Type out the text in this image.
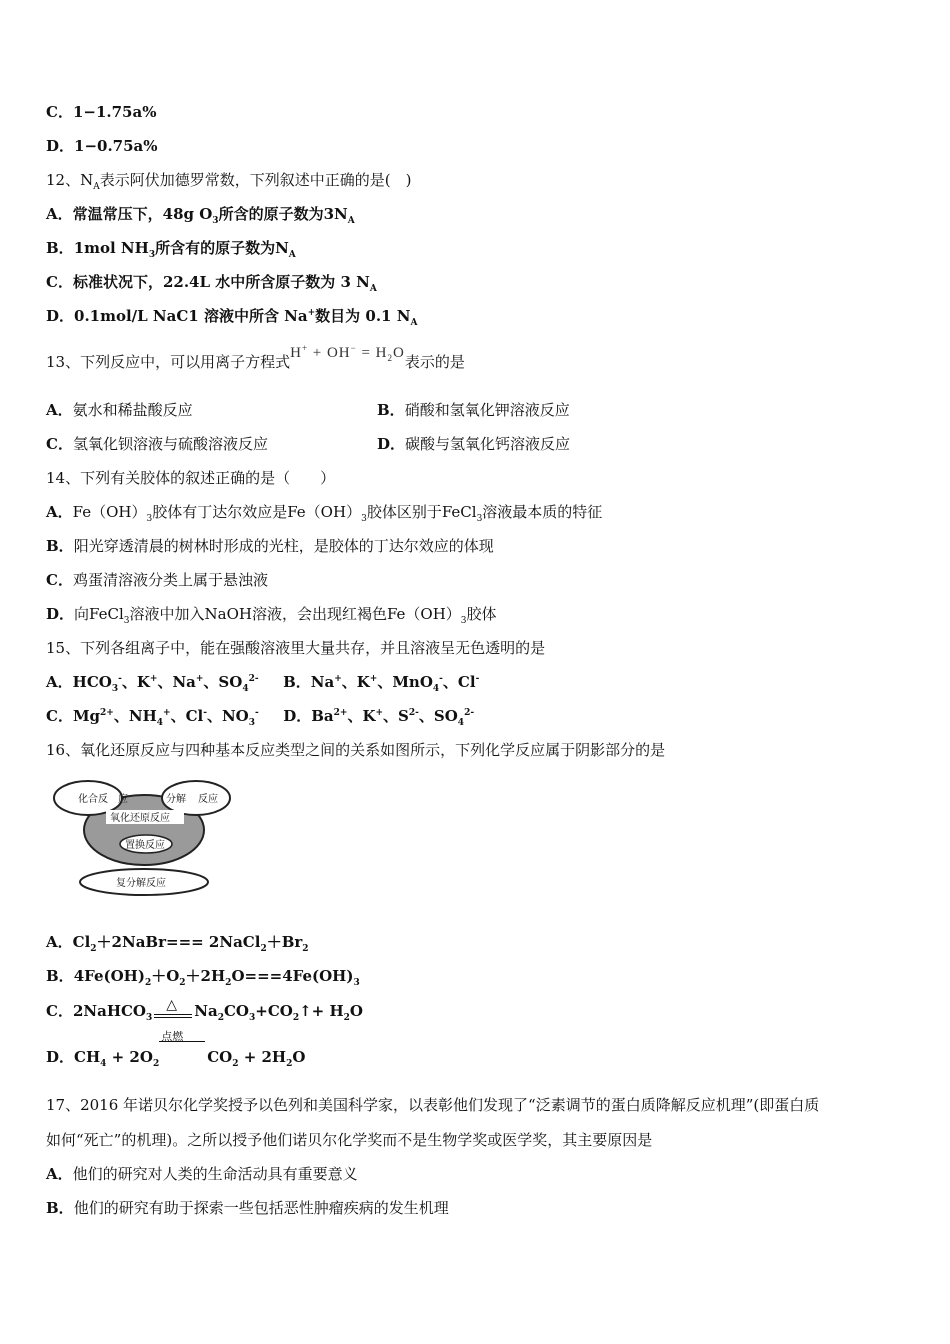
C．1−1.75a%
D．1−0.75a%
12、$N_A$表示阿伏加德罗常数，下列叙述中正确的是(　)
A．常温常压下，48g $O_3$所含的原子数为$3N_A$
B．1mol $NH_3$所含有的原子数为$N_A$
C．标准状况下，22.4L 水中所含原子数为 3 $N_A$
D．0.1mol/L NaC1 溶液中所含 Na+数目为 0.1 $N_A$
13、下列反应中，可以用离子方程式$H^+ + OH^- = H_2O$表示的是
A．氨水和稀盐酸反应	B．硝酸和氢氧化钾溶液反应
C．氢氧化钡溶液与硫酸溶液反应	D．碳酸与氢氧化钙溶液反应
14、下列有关胶体的叙述正确的是（　　）
A．$Fe(OH)_3$胶体有丁达尔效应是$Fe(OH)_3$胶体区别于FeCl$_3$溶液最本质的特征
B．阳光穿透清晨的树林时形成的光柱，是胶体的丁达尔效应的体现
C．鸡蛋清溶液分类上属于悬浊液
D．向FeCl$_3$溶液中加入NaOH溶液，会出现红褐色$Fe(OH)_3$胶体
15、下列各组离子中，能在强酸溶液里大量共存，并且溶液呈无色透明的是
A．$HCO_3^-$、K+、Na+、$SO_4^{2-}$ B．Na+、K+、MnO$_4$-、Cl-
C．$Mg^{2+}$、$NH_4^+$、Cl-、$NO_3^-$ D．$Ba^{2+}$、K+、$S^{2-}$、$SO_4^{2-}$
16、氧化还原反应与四种基本反应类型之间的关系如图所示，下列化学反应属于阴影部分的是
化合反　应	分解 反应
氧化还原反应
置换反应
复分解反应
A．$Cl_2+2NaBr===$ $2NaCl_2+Br_2$
B．$4Fe(OH)_2+O_2+2H_2O===4Fe(OH)_3$
C．2NaHCO$_3$
△ $Na_2CO_3+CO_2↑+ H_2O$
D．$CH_4 + 2O_2$
点燃
$CO_2 + 2H_2O$
17、2016 年诺贝尔化学奖授予以色列和美国科学家，以表彰他们发现了“泛素调节的蛋白质降解反应机理”(即蛋白质
如何“死亡”的机理)。之所以授予他们诺贝尔化学奖而不是生物学奖或医学奖，其主要原因是
A．他们的研究对人类的生命活动具有重要意义
B．他们的研究有助于探索一些包括恶性肿瘤疾病的发生机理
